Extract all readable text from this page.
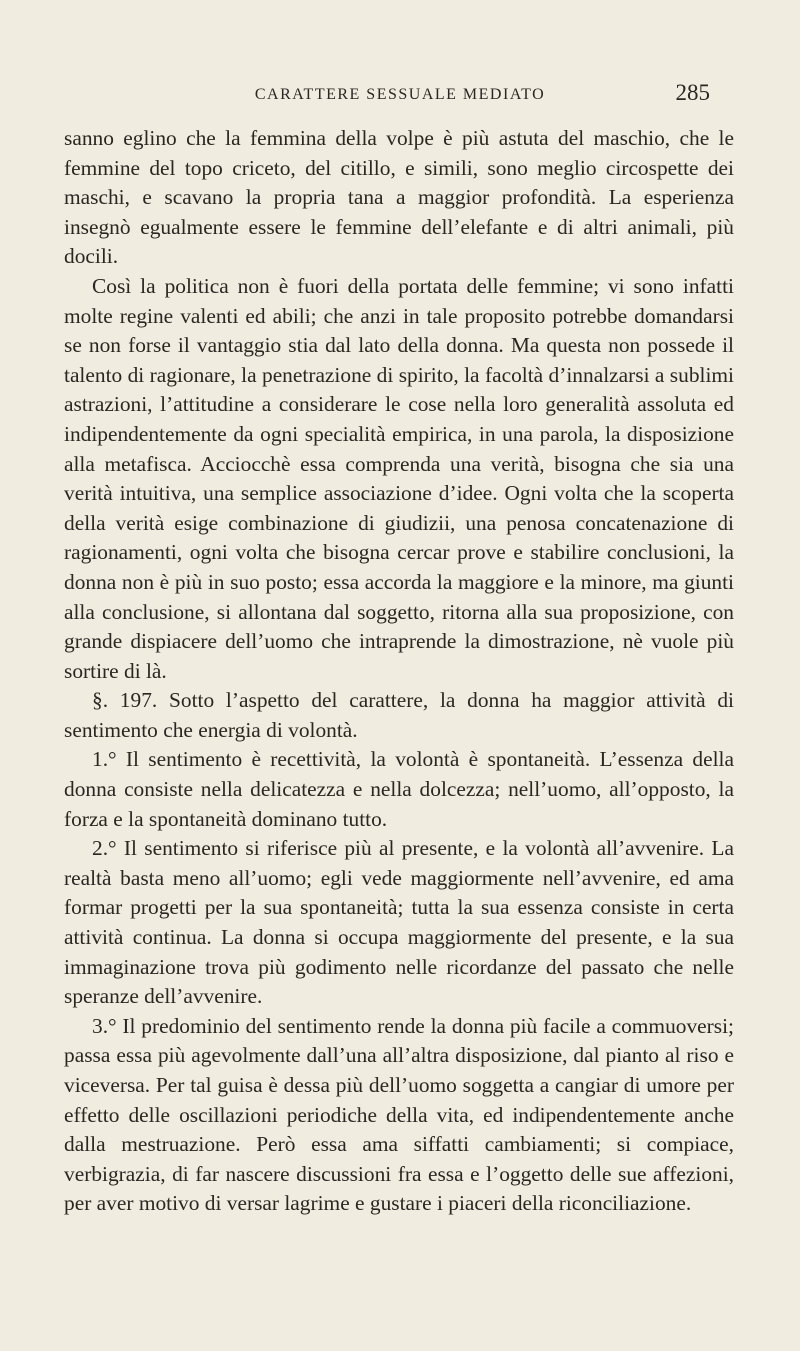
CARATTERE SESSUALE MEDIATO	285

sanno eglino che la femmina della volpe è più astuta del maschio, che le femmine del topo criceto, del citillo, e simili, sono meglio circospette dei maschi, e scavano la propria tana a maggior profondità. La esperienza insegnò egualmente essere le femmine dell’elefante e di altri animali, più docili.

Così la politica non è fuori della portata delle femmine; vi sono infatti molte regine valenti ed abili; che anzi in tale proposito potrebbe domandarsi se non forse il vantaggio stia dal lato della donna. Ma questa non possede il talento di ragionare, la penetrazione di spirito, la facoltà d’innalzarsi a sublimi astrazioni, l’attitudine a considerare le cose nella loro generalità assoluta ed indipendentemente da ogni specialità empirica, in una parola, la disposizione alla metafisca. Acciocchè essa comprenda una verità, bisogna che sia una verità intuitiva, una semplice associazione d’idee. Ogni volta che la scoperta della verità esige combinazione di giudizii, una penosa concatenazione di ragionamenti, ogni volta che bisogna cercar prove e stabilire conclusioni, la donna non è più in suo posto; essa accorda la maggiore e la minore, ma giunti alla conclusione, si allontana dal soggetto, ritorna alla sua proposizione, con grande dispiacere dell’uomo che intraprende la dimostrazione, nè vuole più sortire di là.

§. 197. Sotto l’aspetto del carattere, la donna ha maggior attività di sentimento che energia di volontà.

1.° Il sentimento è recettività, la volontà è spontaneità. L’essenza della donna consiste nella delicatezza e nella dolcezza; nell’uomo, all’opposto, la forza e la spontaneità dominano tutto.

2.° Il sentimento si riferisce più al presente, e la volontà all’avvenire. La realtà basta meno all’uomo; egli vede maggiormente nell’avvenire, ed ama formar progetti per la sua spontaneità; tutta la sua essenza consiste in certa attività continua. La donna si occupa maggiormente del presente, e la sua immaginazione trova più godimento nelle ricordanze del passato che nelle speranze dell’avvenire.

3.° Il predominio del sentimento rende la donna più facile a commuoversi; passa essa più agevolmente dall’una all’altra disposizione, dal pianto al riso e viceversa. Per tal guisa è dessa più dell’uomo soggetta a cangiar di umore per effetto delle oscillazioni periodiche della vita, ed indipendentemente anche dalla mestruazione. Però essa ama siffatti cambiamenti; si compiace, verbigrazia, di far nascere discussioni fra essa e l’oggetto delle sue affezioni, per aver motivo di versar lagrime e gustare i piaceri della riconciliazione.
